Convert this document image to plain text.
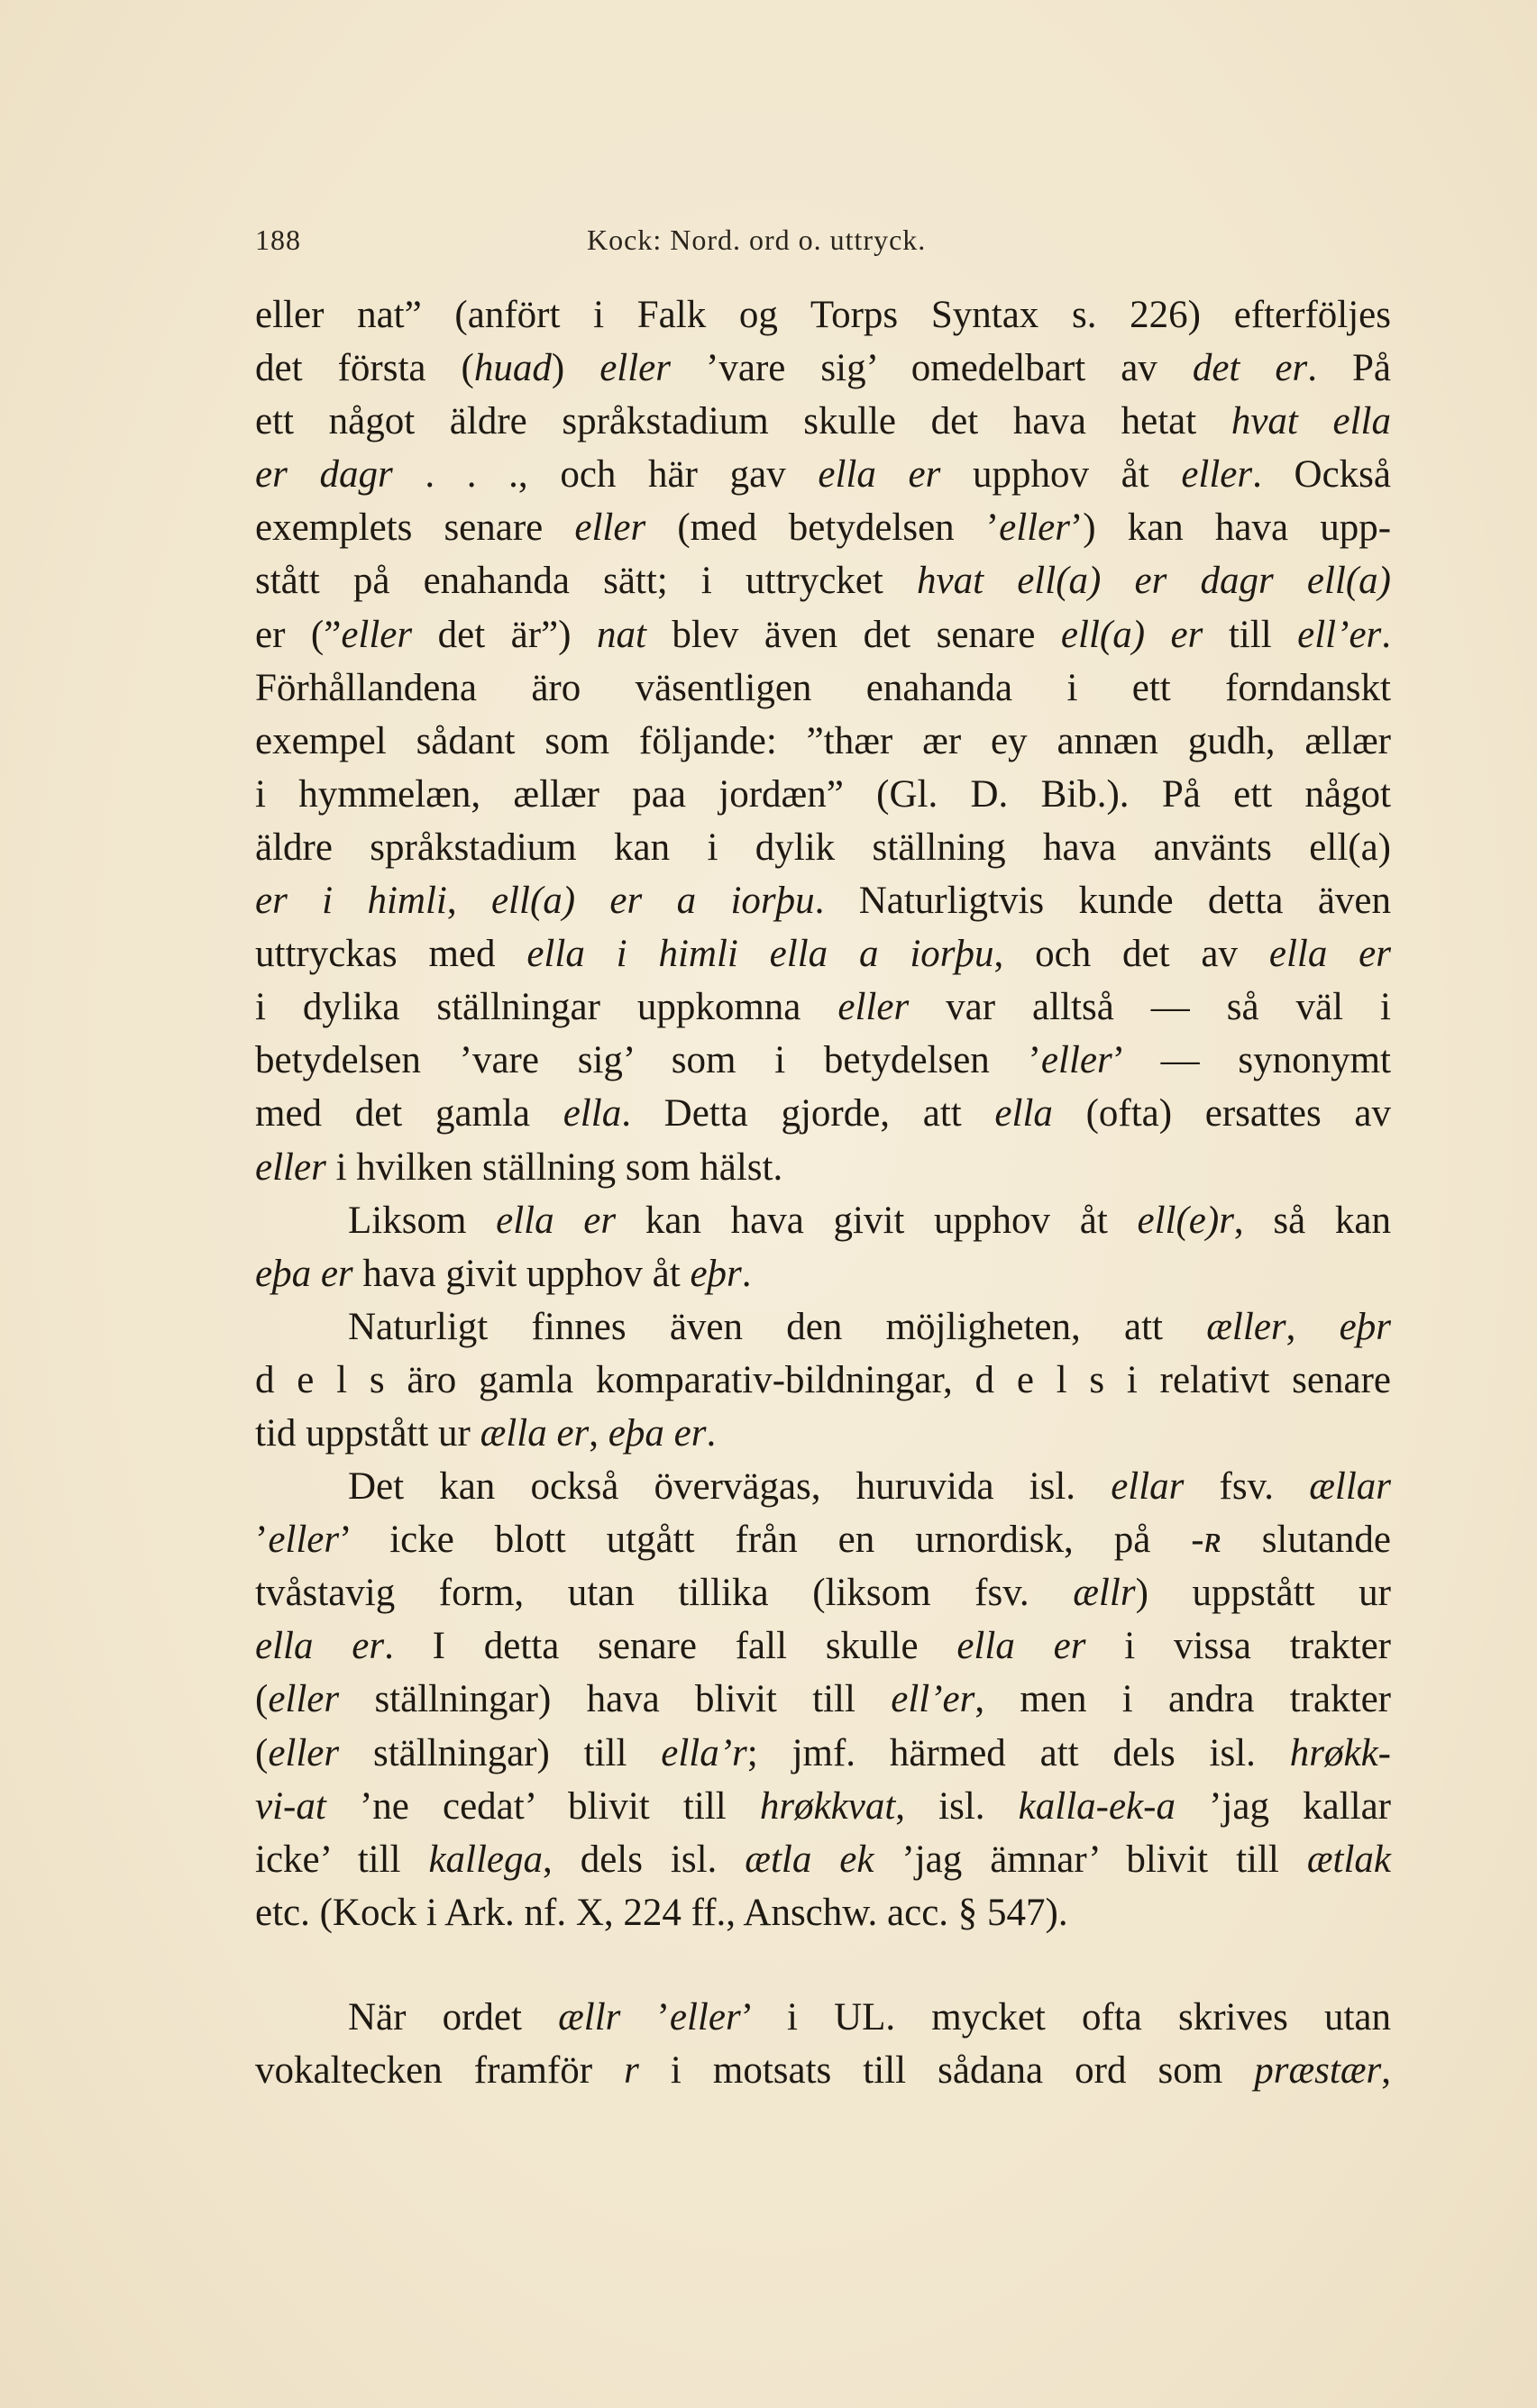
188	Kock: Nord. ord o. uttryck.
eller nat” (anfört i Falk og Torps Syntax s. 226) efterföljes
det första (huad) eller ’vare sig’ omedelbart av det er. På
ett något äldre språkstadium skulle det hava hetat hvat ella
er dagr . . ., och här gav ella er upphov åt eller. Också
exemplets senare eller (med betydelsen ’eller’) kan hava upp-
stått på enahanda sätt; i uttrycket hvat ell(a) er dagr ell(a)
er (”eller det är”) nat blev även det senare ell(a) er till ell’er.
Förhållandena äro väsentligen enahanda i ett forndanskt
exempel sådant som följande: ”thær ær ey annæn gudh, ællær
i hymmelæn, ællær paa jordæn” (Gl. D. Bib.). På ett något
äldre språkstadium kan i dylik ställning hava använts ell(a)
er i himli, ell(a) er a iorþu. Naturligtvis kunde detta även
uttryckas med ella i himli ella a iorþu, och det av ella er
i dylika ställningar uppkomna eller var alltså — så väl i
betydelsen ’vare sig’ som i betydelsen ’eller’ — synonymt
med det gamla ella. Detta gjorde, att ella (ofta) ersattes av
eller i hvilken ställning som hälst.
Liksom ella er kan hava givit upphov åt ell(e)r, så kan
eþa er hava givit upphov åt eþr.
Naturligt finnes även den möjligheten, att æller, eþr
d e l s äro gamla komparativ-bildningar, d e l s i relativt senare
tid uppstått ur ælla er, eþa er.
Det kan också övervägas, huruvida isl. ellar fsv. ællar
’eller’ icke blott utgått från en urnordisk, på -ʀ slutande
tvåstavig form, utan tillika (liksom fsv. ællr) uppstått ur
ella er. I detta senare fall skulle ella er i vissa trakter
(eller ställningar) hava blivit till ell’er, men i andra trakter
(eller ställningar) till ella’r; jmf. härmed att dels isl. hrøkk-
vi-at ’ne cedat’ blivit till hrøkkvat, isl. kalla-ek-a ’jag kallar
icke’ till kallega, dels isl. ætla ek ’jag ämnar’ blivit till ætlak
etc. (Kock i Ark. nf. X, 224 ff., Anschw. acc. § 547).
När ordet ællr ’eller’ i UL. mycket ofta skrives utan
vokaltecken framför r i motsats till sådana ord som præstær,
